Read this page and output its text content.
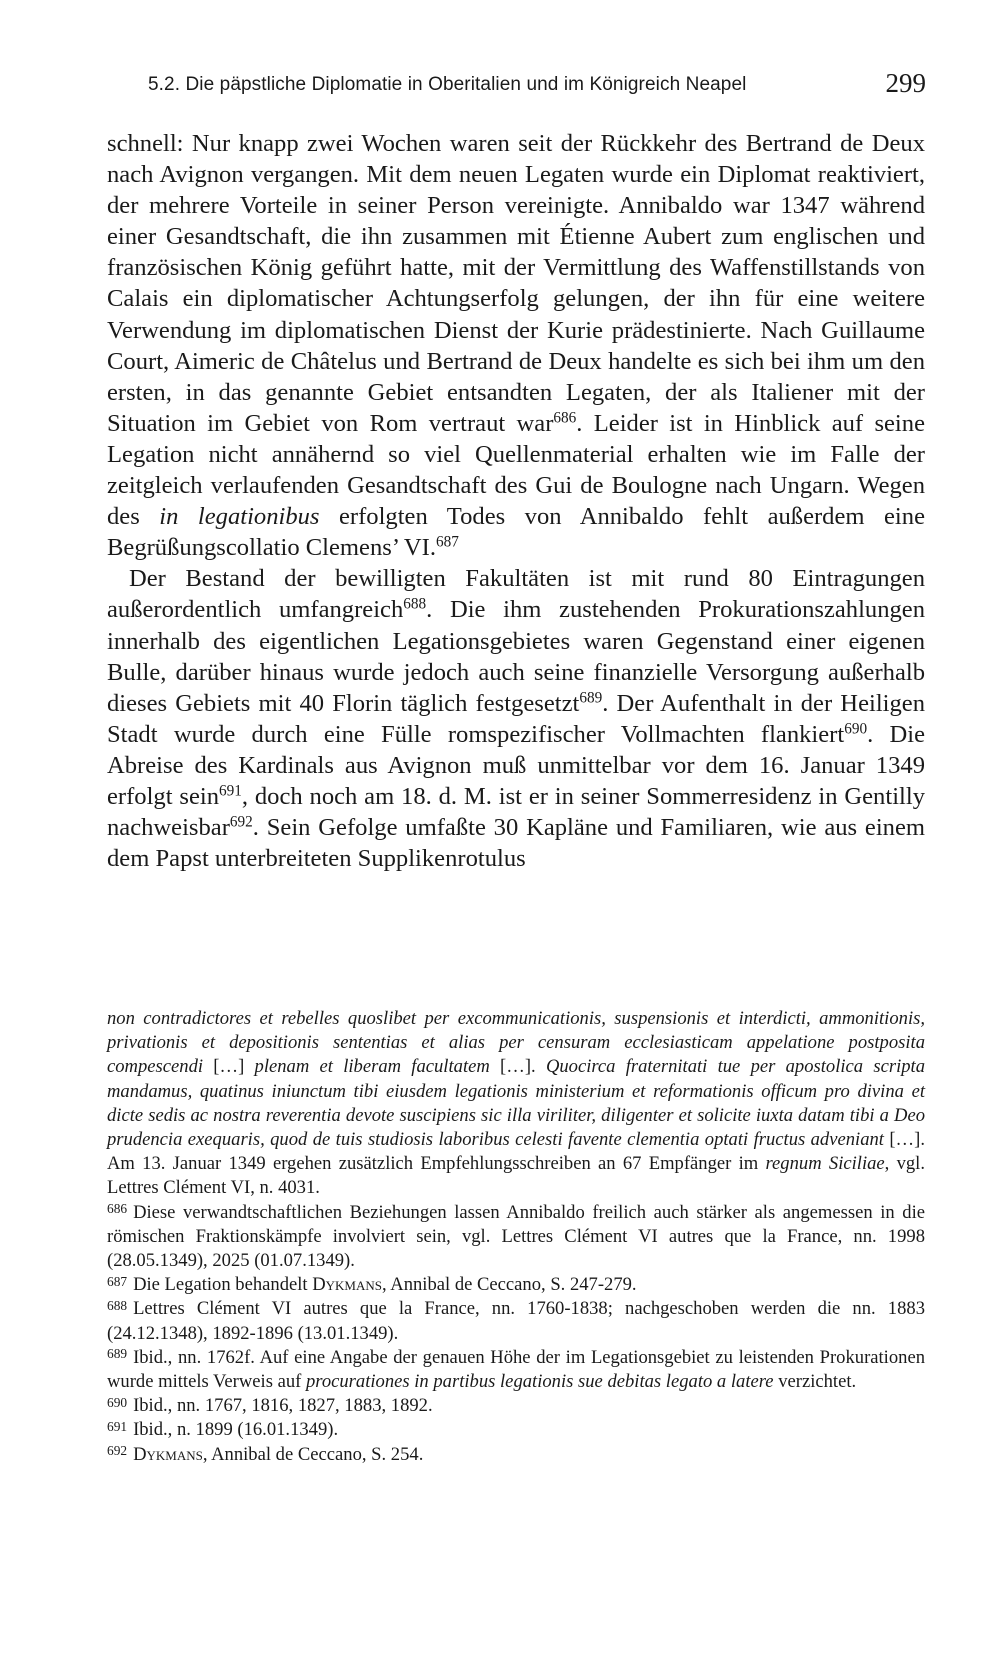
5.2. Die päpstliche Diplomatie in Oberitalien und im Königreich Neapel	299

schnell: Nur knapp zwei Wochen waren seit der Rückkehr des Bertrand de Deux nach Avignon vergangen. Mit dem neuen Legaten wurde ein Diplomat reaktiviert, der mehrere Vorteile in seiner Person vereinigte. Annibaldo war 1347 während einer Gesandtschaft, die ihn zusammen mit Étienne Aubert zum englischen und französischen König geführt hatte, mit der Vermittlung des Waffenstillstands von Calais ein diplomatischer Achtungserfolg gelungen, der ihn für eine weitere Verwendung im diplomatischen Dienst der Kurie prädestinierte. Nach Guillaume Court, Aimeric de Châtelus und Bertrand de Deux handelte es sich bei ihm um den ersten, in das genannte Gebiet entsandten Legaten, der als Italiener mit der Situation im Gebiet von Rom vertraut war$^{686}$. Leider ist in Hinblick auf seine Legation nicht annähernd so viel Quellenmaterial erhalten wie im Falle der zeitgleich verlaufenden Gesandtschaft des Gui de Boulogne nach Ungarn. Wegen des in legationibus erfolgten Todes von Annibaldo fehlt außerdem eine Begrüßungscollatio Clemens’ VI.$^{687}$

Der Bestand der bewilligten Fakultäten ist mit rund 80 Eintragungen außerordentlich umfangreich$^{688}$. Die ihm zustehenden Prokurationszahlungen innerhalb des eigentlichen Legationsgebietes waren Gegenstand einer eigenen Bulle, darüber hinaus wurde jedoch auch seine finanzielle Versorgung außerhalb dieses Gebiets mit 40 Florin täglich festgesetzt$^{689}$. Der Aufenthalt in der Heiligen Stadt wurde durch eine Fülle romspezifischer Vollmachten flankiert$^{690}$. Die Abreise des Kardinals aus Avignon muß unmittelbar vor dem 16. Januar 1349 erfolgt sein$^{691}$, doch noch am 18. d. M. ist er in seiner Sommerresidenz in Gentilly nachweisbar$^{692}$. Sein Gefolge umfaßte 30 Kapläne und Familiaren, wie aus einem dem Papst unterbreiteten Supplikenrotulus

non contradictores et rebelles quoslibet per excommunicationis, suspensionis et interdicti, ammonitionis, privationis et depositionis sententias et alias per censuram ecclesiasticam appelatione postposita compescendi […] plenam et liberam facultatem […]. Quocirca fraternitati tue per apostolica scripta mandamus, quatinus iniunctum tibi eiusdem legationis ministerium et reformationis officum pro divina et dicte sedis ac nostra reverentia devote suscipiens sic illa viriliter, diligenter et solicite iuxta datam tibi a Deo prudencia exequaris, quod de tuis studiosis laboribus celesti favente clementia optati fructus adveniant […]. Am 13. Januar 1349 ergehen zusätzlich Empfehlungsschreiben an 67 Empfänger im regnum Siciliae, vgl. Lettres Clément VI, n. 4031.

$^{686}$ Diese verwandtschaftlichen Beziehungen lassen Annibaldo freilich auch stärker als angemessen in die römischen Fraktionskämpfe involviert sein, vgl. Lettres Clément VI autres que la France, nn. 1998 (28.05.1349), 2025 (01.07.1349).

$^{687}$ Die Legation behandelt Dykmans, Annibal de Ceccano, S. 247-279.

$^{688}$ Lettres Clément VI autres que la France, nn. 1760-1838; nachgeschoben werden die nn. 1883 (24.12.1348), 1892-1896 (13.01.1349).

$^{689}$ Ibid., nn. 1762f. Auf eine Angabe der genauen Höhe der im Legationsgebiet zu leistenden Prokurationen wurde mittels Verweis auf procurationes in partibus legationis sue debitas legato a latere verzichtet.

$^{690}$ Ibid., nn. 1767, 1816, 1827, 1883, 1892.

$^{691}$ Ibid., n. 1899 (16.01.1349).

$^{692}$ Dykmans, Annibal de Ceccano, S. 254.
